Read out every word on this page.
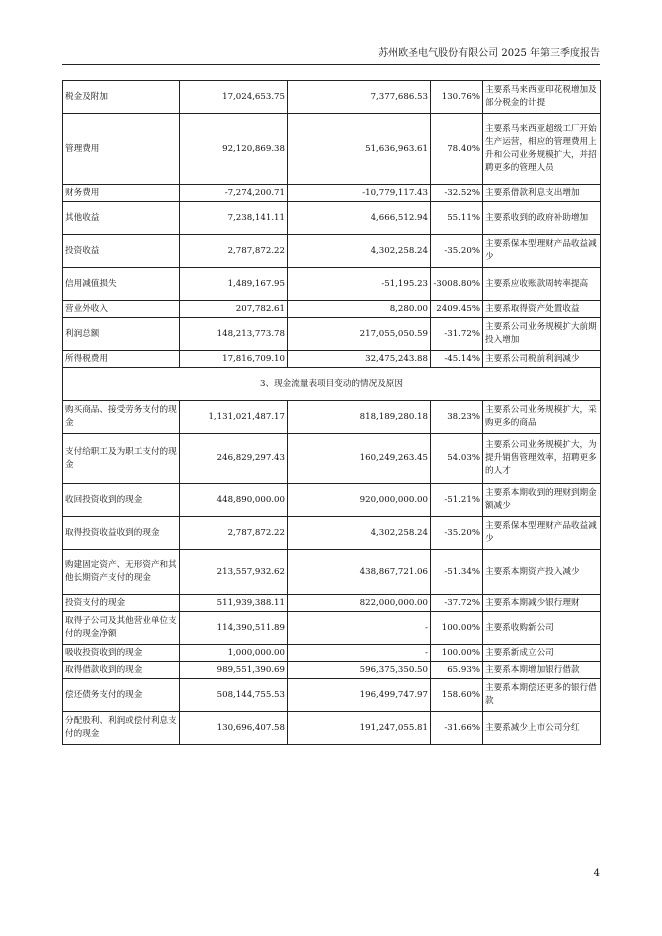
苏州欧圣电气股份有限公司 2025 年第三季度报告
税金及附加	17,024,653.75	7,377,686.53	130.76%	主要系马来西亚印花税增加及部分税金的计提
管理费用	92,120,869.38	51,636,963.61	78.40%	主要系马来西亚超级工厂开始生产运营，相应的管理费用上升和公司业务规模扩大，并招聘更多的管理人员
财务费用	-7,274,200.71	-10,779,117.43	-32.52%	主要系借款利息支出增加
其他收益	7,238,141.11	4,666,512.94	55.11%	主要系收到的政府补助增加
投资收益	2,787,872.22	4,302,258.24	-35.20%	主要系保本型理财产品收益减少
信用减值损失	1,489,167.95	-51,195.23	-3008.80%	主要系应收账款周转率提高
营业外收入	207,782.61	8,280.00	2409.45%	主要系取得资产处置收益
利润总额	148,213,773.78	217,055,050.59	-31.72%	主要系公司业务规模扩大前期投入增加
所得税费用	17,816,709.10	32,475,243.88	-45.14%	主要系公司税前利润减少
3、现金流量表项目变动的情况及原因				
购买商品、接受劳务支付的现金	1,131,021,487.17	818,189,280.18	38.23%	主要系公司业务规模扩大，采购更多的商品
支付给职工及为职工支付的现金	246,829,297.43	160,249,263.45	54.03%	主要系公司业务规模扩大，为提升销售管理效率，招聘更多的人才
收回投资收到的现金	448,890,000.00	920,000,000.00	-51.21%	主要系本期收到的理财到期金额减少
取得投资收益收到的现金	2,787,872.22	4,302,258.24	-35.20%	主要系保本型理财产品收益减少
购建固定资产、无形资产和其他长期资产支付的现金	213,557,932.62	438,867,721.06	-51.34%	主要系本期资产投入减少
投资支付的现金	511,939,388.11	822,000,000.00	-37.72%	主要系本期减少银行理财
取得子公司及其他营业单位支付的现金净额	114,390,511.89	-	100.00%	主要系收购新公司
吸收投资收到的现金	1,000,000.00	-	100.00%	主要系新成立公司
取得借款收到的现金	989,551,390.69	596,375,350.50	65.93%	主要系本期增加银行借款
偿还债务支付的现金	508,144,755.53	196,499,747.97	158.60%	主要系本期偿还更多的银行借款
分配股利、利润或偿付利息支付的现金	130,696,407.58	191,247,055.81	-31.66%	主要系减少上市公司分红
4
